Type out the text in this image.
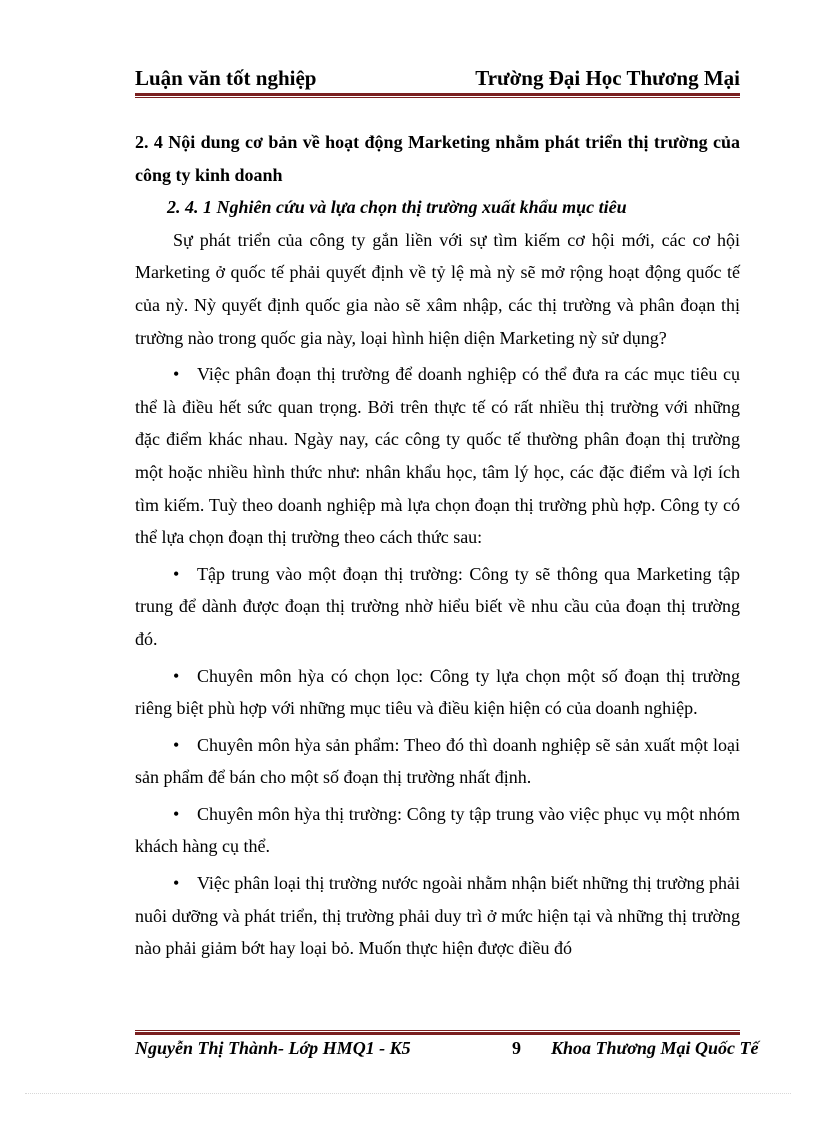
Luận văn tốt nghiệp	Trường Đại Học Thương Mại

2. 4 Nội dung cơ bản về hoạt động Marketing nhằm phát triển thị trường của công ty kinh doanh

2. 4. 1 Nghiên cứu và lựa chọn thị trường xuất khẩu mục tiêu

Sự phát triển của công ty gắn liền với sự tìm kiếm cơ hội mới, các cơ hội Marketing ở quốc tế phải quyết định về tỷ lệ mà nỳ sẽ mở rộng hoạt động quốc tế của nỳ. Nỳ quyết định quốc gia nào sẽ xâm nhập, các thị trường và phân đoạn thị trường nào trong quốc gia này, loại hình hiện diện Marketing nỳ sử dụng?

• Việc phân đoạn thị trường để doanh nghiệp có thể đưa ra các mục tiêu cụ thể là điều hết sức quan trọng. Bởi trên thực tế có rất nhiều thị trường với những đặc điểm khác nhau. Ngày nay, các công ty quốc tế thường phân đoạn thị trường một hoặc nhiều hình thức như: nhân khẩu học, tâm lý học, các đặc điểm và lợi ích tìm kiếm. Tuỳ theo doanh nghiệp mà lựa chọn đoạn thị trường phù hợp. Công ty có thể lựa chọn đoạn thị trường theo cách thức sau:

• Tập trung vào một đoạn thị trường: Công ty sẽ thông qua Marketing tập trung để dành được đoạn thị trường nhờ hiểu biết về nhu cầu của đoạn thị trường đó.

• Chuyên môn hỳa có chọn lọc: Công ty lựa chọn một số đoạn thị trường riêng biệt phù hợp với những mục tiêu và điều kiện hiện có của doanh nghiệp.

• Chuyên môn hỳa sản phẩm: Theo đó thì doanh nghiệp sẽ sản xuất một loại sản phẩm để bán cho một số đoạn thị trường nhất định.

• Chuyên môn hỳa thị trường: Công ty tập trung vào việc phục vụ một nhóm khách hàng cụ thể.

• Việc phân loại thị trường nước ngoài nhằm nhận biết những thị trường phải nuôi dưỡng và phát triển, thị trường phải duy trì ở mức hiện tại và những thị trường nào phải giảm bớt hay loại bỏ. Muốn thực hiện được điều đó

Nguyễn Thị Thành- Lớp HMQ1 - K5	9 Khoa Thương Mại Quốc Tế
